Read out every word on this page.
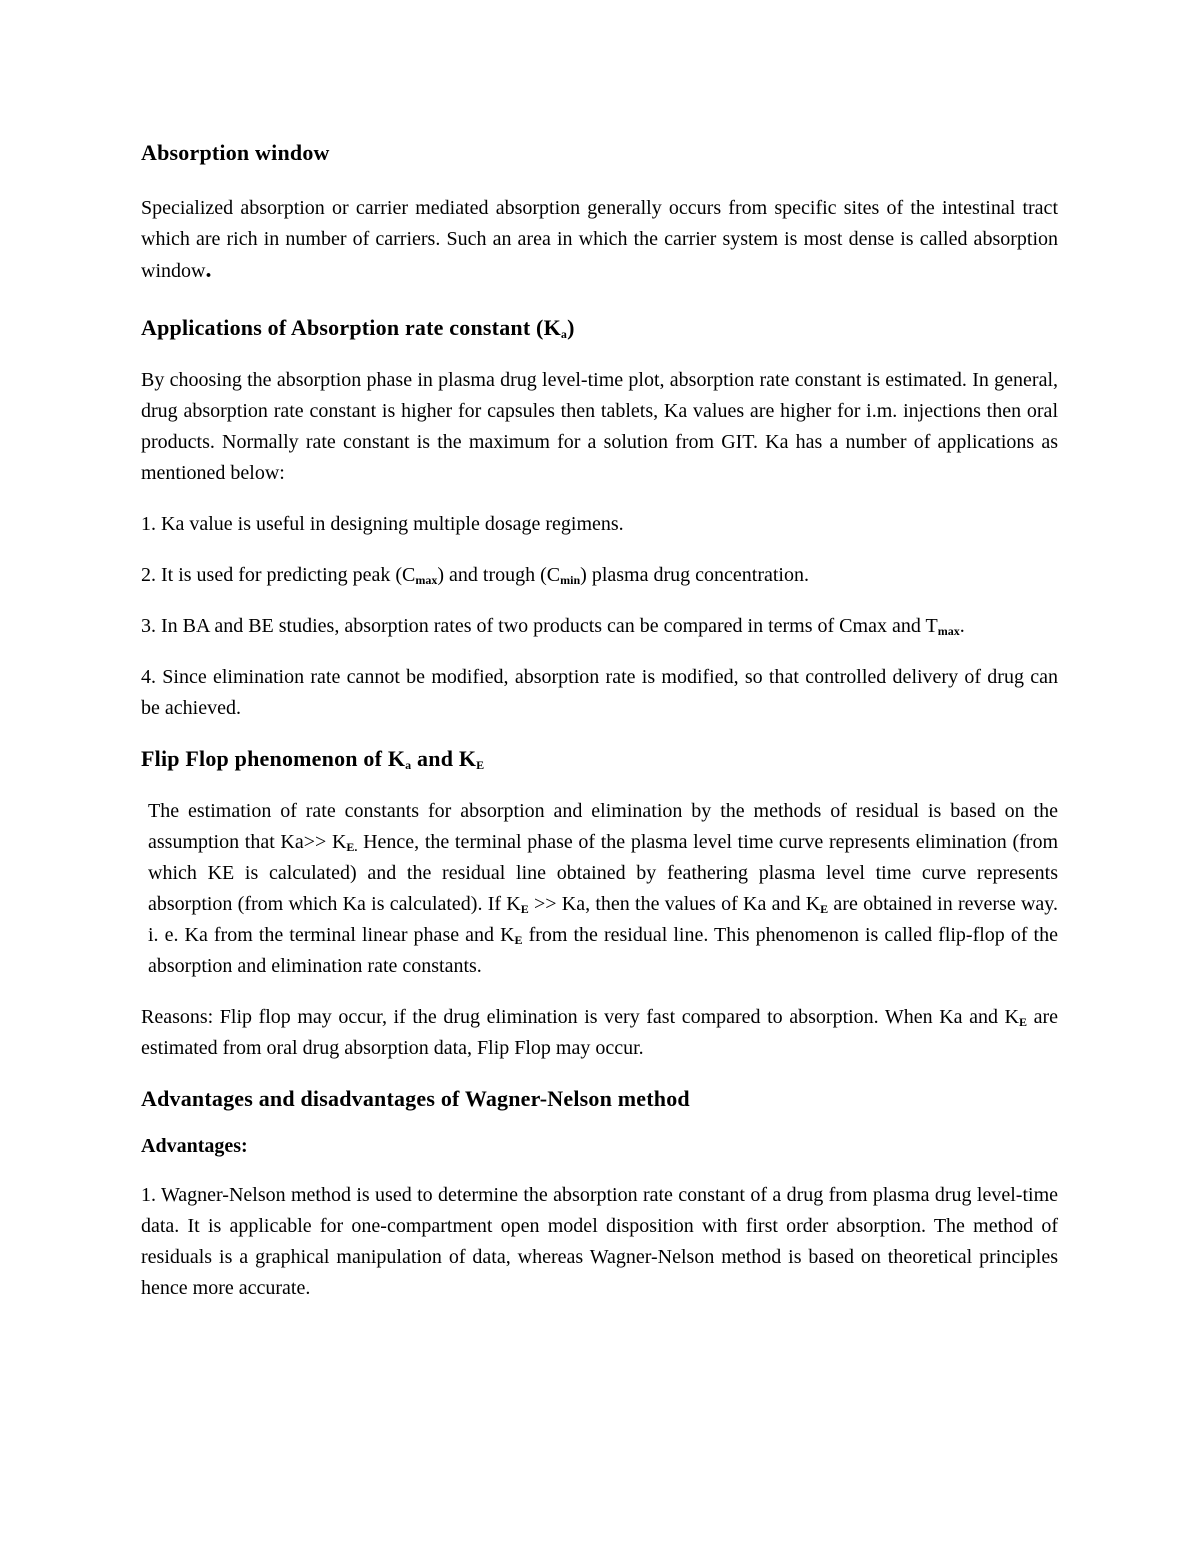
Absorption window

Specialized absorption or carrier mediated absorption generally occurs from specific sites of the intestinal tract which are rich in number of carriers. Such an area in which the carrier system is most dense is called absorption window.

Applications of Absorption rate constant $(K_a)$

By choosing the absorption phase in plasma drug level-time plot, absorption rate constant is estimated. In general, drug absorption rate constant is higher for capsules then tablets, Ka values are higher for i.m. injections then oral products. Normally rate constant is the maximum for a solution from GIT. Ka has a number of applications as mentioned below:

1. Ka value is useful in designing multiple dosage regimens.

2. It is used for predicting peak (Cmax) and trough (Cmin) plasma drug concentration.

3. In BA and BE studies, absorption rates of two products can be compared in terms of Cmax and Tmax.

4. Since elimination rate cannot be modified, absorption rate is modified, so that controlled delivery of drug can be achieved.

Flip Flop phenomenon of $K_a$ and $K_E$

The estimation of rate constants for absorption and elimination by the methods of residual is based on the assumption that Ka>> KE. Hence, the terminal phase of the plasma level time curve represents elimination (from which KE is calculated) and the residual line obtained by feathering plasma level time curve represents absorption (from which Ka is calculated). If KE >> Ka, then the values of Ka and KE are obtained in reverse way. i. e. Ka from the terminal linear phase and KE from the residual line. This phenomenon is called flip-flop of the absorption and elimination rate constants.

Reasons: Flip flop may occur, if the drug elimination is very fast compared to absorption. When Ka and KE are estimated from oral drug absorption data, Flip Flop may occur.

Advantages and disadvantages of Wagner-Nelson method
Advantages:

1. Wagner-Nelson method is used to determine the absorption rate constant of a drug from plasma drug level-time data. It is applicable for one-compartment open model disposition with first order absorption. The method of residuals is a graphical manipulation of data, whereas Wagner-Nelson method is based on theoretical principles hence more accurate.
